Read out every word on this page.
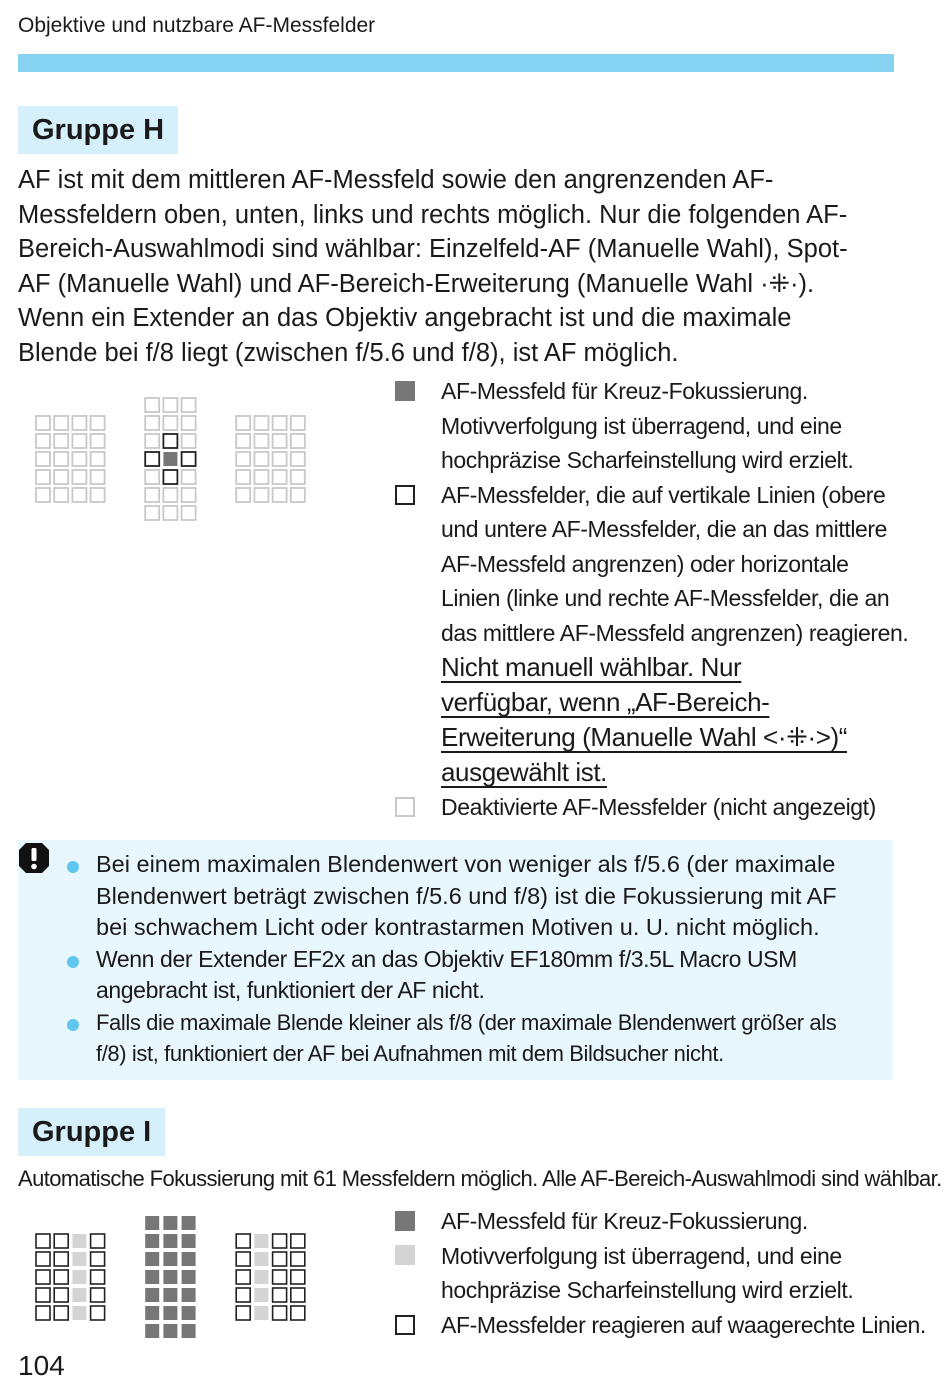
Objektive und nutzbare AF-Messfelder
Gruppe H
AF ist mit dem mittleren AF-Messfeld sowie den angrenzenden AF-
Messfeldern oben, unten, links und rechts möglich. Nur die folgenden AF-
Bereich-Auswahlmodi sind wählbar: Einzelfeld-AF (Manuelle Wahl), Spot-
AF (Manuelle Wahl) und AF-Bereich-Erweiterung (Manuelle Wahl ·⁜·).
Wenn ein Extender an das Objektiv angebracht ist und die maximale
Blende bei f/8 liegt (zwischen f/5.6 und f/8), ist AF möglich.
AF-Messfeld für Kreuz-Fokussierung.
Motivverfolgung ist überragend, und eine
hochpräzise Scharfeinstellung wird erzielt.
AF-Messfelder, die auf vertikale Linien (obere
und untere AF-Messfelder, die an das mittlere
AF-Messfeld angrenzen) oder horizontale
Linien (linke und rechte AF-Messfelder, die an
das mittlere AF-Messfeld angrenzen) reagieren.
Nicht manuell wählbar. Nur
verfügbar, wenn „AF-Bereich-
Erweiterung (Manuelle Wahl <·⁜·>)“
ausgewählt ist.
Deaktivierte AF-Messfelder (nicht angezeigt)
Bei einem maximalen Blendenwert von weniger als f/5.6 (der maximale
Blendenwert beträgt zwischen f/5.6 und f/8) ist die Fokussierung mit AF
bei schwachem Licht oder kontrastarmen Motiven u. U. nicht möglich.
Wenn der Extender EF2x an das Objektiv EF180mm f/3.5L Macro USM
angebracht ist, funktioniert der AF nicht.
Falls die maximale Blende kleiner als f/8 (der maximale Blendenwert größer als
f/8) ist, funktioniert der AF bei Aufnahmen mit dem Bildsucher nicht.
Gruppe I
Automatische Fokussierung mit 61 Messfeldern möglich. Alle AF-Bereich-Auswahlmodi sind wählbar.
AF-Messfeld für Kreuz-Fokussierung.
Motivverfolgung ist überragend, und eine
hochpräzise Scharfeinstellung wird erzielt.
AF-Messfelder reagieren auf waagerechte Linien.
104
